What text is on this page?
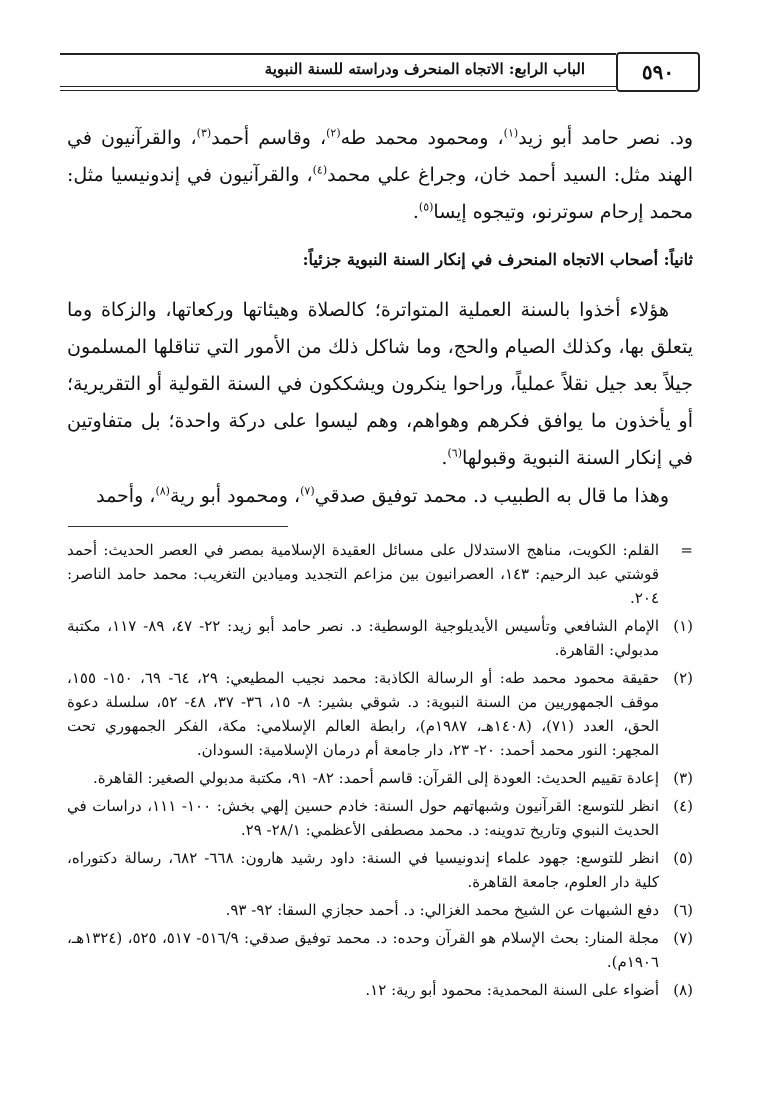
٥٩٠
الباب الرابع: الاتجاه المنحرف ودراسته للسنة النبوية

ود. نصر حامد أبو زيد$^{(١)}$، ومحمود محمد طه$^{(٢)}$، وقاسم أحمد$^{(٣)}$، والقرآنيون في الهند مثل: السيد أحمد خان، وجراغ علي محمد$^{(٤)}$، والقرآنيون في إندونيسيا مثل: محمد إرحام سوترنو، وتيجوه إيسا$^{(٥)}$.

ثانياً: أصحاب الاتجاه المنحرف في إنكار السنة النبوية جزئياً:

هؤلاء أخذوا بالسنة العملية المتواترة؛ كالصلاة وهيئاتها وركعاتها، والزكاة وما يتعلق بها، وكذلك الصيام والحج، وما شاكل ذلك من الأمور التي تناقلها المسلمون جيلاً بعد جيل نقلاً عملياً، وراحوا ينكرون ويشككون في السنة القولية أو التقريرية؛ أو يأخذون ما يوافق فكرهم وهواهم، وهم ليسوا على دركة واحدة؛ بل متفاوتين في إنكار السنة النبوية وقبولها$^{(٦)}$.

وهذا ما قال به الطبيب د. محمد توفيق صدقي$^{(٧)}$، ومحمود أبو رية$^{(٨)}$، وأحمد

=
القلم: الكويت، مناهج الاستدلال على مسائل العقيدة الإسلامية بمصر في العصر الحديث: أحمد قوشتي عبد الرحيم: ١٤٣، العصرانيون بين مزاعم التجديد وميادين التغريب: محمد حامد الناصر: ٢٠٤.
(١)
الإمام الشافعي وتأسيس الأيديلوجية الوسطية: د. نصر حامد أبو زيد: ٢٢- ٤٧، ٨٩- ١١٧، مكتبة مدبولي: القاهرة.
(٢)
حقيقة محمود محمد طه: أو الرسالة الكاذبة: محمد نجيب المطيعي: ٢٩، ٦٤- ٦٩، ١٥٠- ١٥٥، موقف الجمهوريين من السنة النبوية: د. شوقي بشير: ٨- ١٥، ٣٦- ٣٧، ٤٨- ٥٢، سلسلة دعوة الحق، العدد (٧١)، (١٤٠٨هـ، ١٩٨٧م)، رابطة العالم الإسلامي: مكة، الفكر الجمهوري تحت المجهر: النور محمد أحمد: ٢٠- ٢٣، دار جامعة أم درمان الإسلامية: السودان.
(٣)
إعادة تقييم الحديث: العودة إلى القرآن: قاسم أحمد: ٨٢- ٩١، مكتبة مدبولي الصغير: القاهرة.
(٤)
انظر للتوسع: القرآنيون وشبهاتهم حول السنة: خادم حسين إلهي بخش: ١٠٠- ١١١، دراسات في الحديث النبوي وتاريخ تدوينه: د. محمد مصطفى الأعظمي: ٢٨/١- ٢٩.
(٥)
انظر للتوسع: جهود علماء إندونيسيا في السنة: داود رشيد هارون: ٦٦٨- ٦٨٢، رسالة دكتوراه، كلية دار العلوم، جامعة القاهرة.
(٦)
دفع الشبهات عن الشيخ محمد الغزالي: د. أحمد حجازي السقا: ٩٢- ٩٣.
(٧)
مجلة المنار: بحث الإسلام هو القرآن وحده: د. محمد توفيق صدقي: ٥١٦/٩- ٥١٧، ٥٢٥، (١٣٢٤هـ، ١٩٠٦م).
(٨)
أضواء على السنة المحمدية: محمود أبو رية: ١٢.
